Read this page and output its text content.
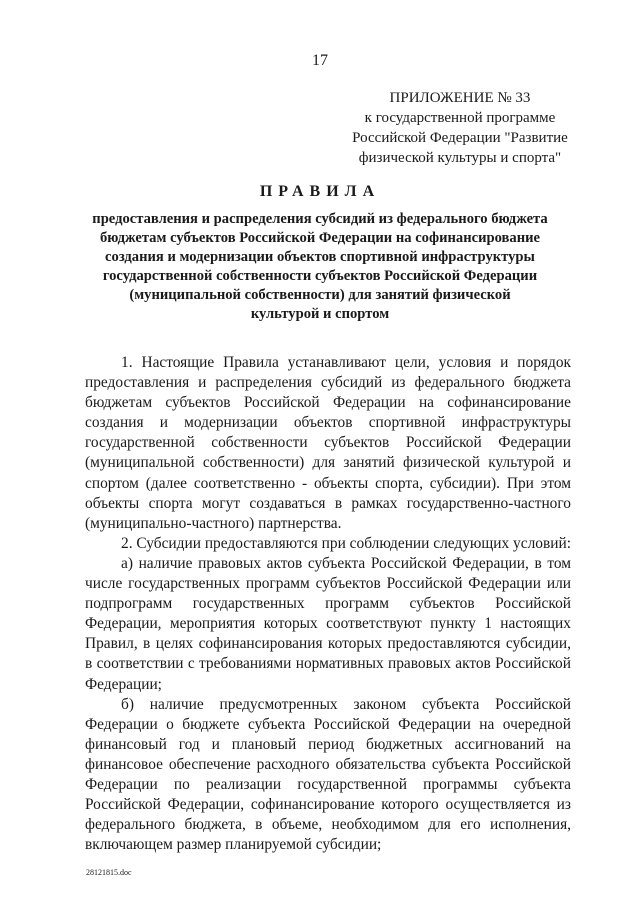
17
ПРИЛОЖЕНИЕ № 33
к государственной программе
Российской Федерации "Развитие
физической культуры и спорта"
ПРАВИЛА
предоставления и распределения субсидий из федерального бюджета
бюджетам субъектов Российской Федерации на софинансирование
создания и модернизации объектов спортивной инфраструктуры
государственной собственности субъектов Российской Федерации
(муниципальной собственности) для занятий физической
культурой и спортом

1. Настоящие Правила устанавливают цели, условия и порядок предоставления и распределения субсидий из федерального бюджета бюджетам субъектов Российской Федерации на софинансирование создания и модернизации объектов спортивной инфраструктуры государственной собственности субъектов Российской Федерации (муниципальной собственности) для занятий физической культурой и спортом (далее соответственно - объекты спорта, субсидии). При этом объекты спорта могут создаваться в рамках государственно-частного (муниципально-частного) партнерства.

2. Субсидии предоставляются при соблюдении следующих условий:

а) наличие правовых актов субъекта Российской Федерации, в том числе государственных программ субъектов Российской Федерации или подпрограмм государственных программ субъектов Российской Федерации, мероприятия которых соответствуют пункту 1 настоящих Правил, в целях софинансирования которых предоставляются субсидии, в соответствии с требованиями нормативных правовых актов Российской Федерации;

б) наличие предусмотренных законом субъекта Российской Федерации о бюджете субъекта Российской Федерации на очередной финансовый год и плановый период бюджетных ассигнований на финансовое обеспечение расходного обязательства субъекта Российской Федерации по реализации государственной программы субъекта Российской Федерации, софинансирование которого осуществляется из федерального бюджета, в объеме, необходимом для его исполнения, включающем размер планируемой субсидии;

28121815.doc
